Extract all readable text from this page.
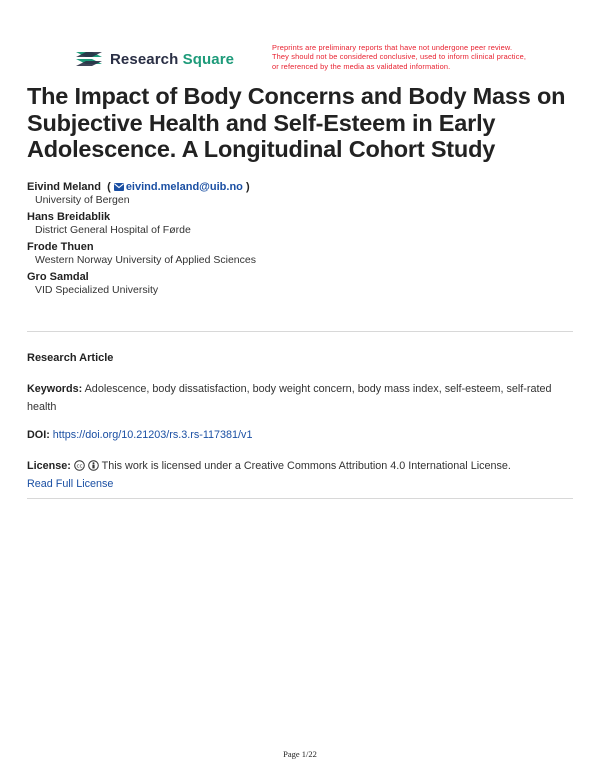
Research Square
Preprints are preliminary reports that have not undergone peer review.
They should not be considered conclusive, used to inform clinical practice,
or referenced by the media as validated information.
The Impact of Body Concerns and Body Mass on Subjective Health and Self-Esteem in Early Adolescence. A Longitudinal Cohort Study

Eivind Meland  ( eivind.meland@uib.no )

University of Bergen

Hans Breidablik

District General Hospital of Førde

Frode Thuen

Western Norway University of Applied Sciences

Gro Samdal

VID Specialized University

Research Article
Keywords: Adolescence, body dissatisfaction, body weight concern, body mass index, self-esteem, self-rated health
DOI: https://doi.org/10.21203/rs.3.rs-117381/v1
License: cc This work is licensed under a Creative Commons Attribution 4.0 International License.
Read Full License
Page 1/22
